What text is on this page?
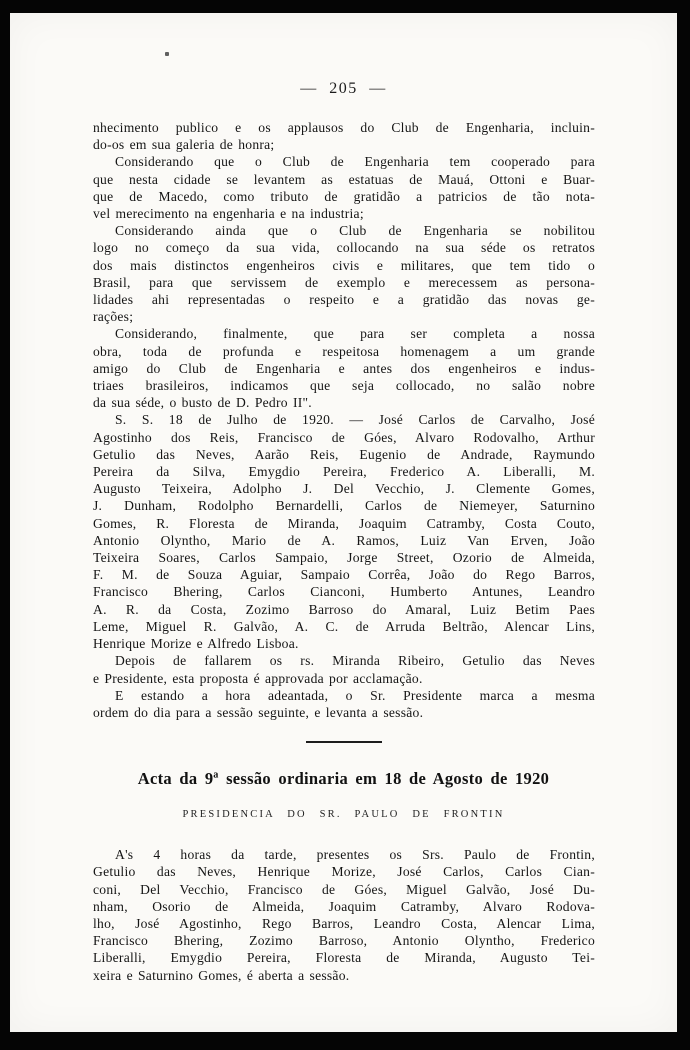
— 205 —
nhecimento publico e os applausos do Club de Engenharia, incluin-
do-os em sua galeria de honra;
Considerando que o Club de Engenharia tem cooperado para
que nesta cidade se levantem as estatuas de Mauá, Ottoni e Buar-
que de Macedo, como tributo de gratidão a patricios de tão nota-
vel merecimento na engenharia e na industria;
Considerando ainda que o Club de Engenharia se nobilitou
logo no começo da sua vida, collocando na sua séde os retratos
dos mais distinctos engenheiros civis e militares, que tem tido o
Brasil, para que servissem de exemplo e merecessem as persona-
lidades ahi representadas o respeito e a gratidão das novas ge-
rações;
Considerando, finalmente, que para ser completa a nossa
obra, toda de profunda e respeitosa homenagem a um grande
amigo do Club de Engenharia e antes dos engenheiros e indus-
triaes brasileiros, indicamos que seja collocado, no salão nobre
da sua séde, o busto de D. Pedro II".
S. S. 18 de Julho de 1920. — José Carlos de Carvalho, José
Agostinho dos Reis, Francisco de Góes, Alvaro Rodovalho, Arthur
Getulio das Neves, Aarão Reis, Eugenio de Andrade, Raymundo
Pereira da Silva, Emygdio Pereira, Frederico A. Liberalli, M.
Augusto Teixeira, Adolpho J. Del Vecchio, J. Clemente Gomes,
J. Dunham, Rodolpho Bernardelli, Carlos de Niemeyer, Saturnino
Gomes, R. Floresta de Miranda, Joaquim Catramby, Costa Couto,
Antonio Olyntho, Mario de A. Ramos, Luiz Van Erven, João
Teixeira Soares, Carlos Sampaio, Jorge Street, Ozorio de Almeida,
F. M. de Souza Aguiar, Sampaio Corrêa, João do Rego Barros,
Francisco Bhering, Carlos Cianconi, Humberto Antunes, Leandro
A. R. da Costa, Zozimo Barroso do Amaral, Luiz Betim Paes
Leme, Miguel R. Galvão, A. C. de Arruda Beltrão, Alencar Lins,
Henrique Morize e Alfredo Lisboa.
Depois de fallarem os rs. Miranda Ribeiro, Getulio das Neves
e Presidente, esta proposta é approvada por acclamação.
E estando a hora adeantada, o Sr. Presidente marca a mesma
ordem do dia para a sessão seguinte, e levanta a sessão.
Acta da 9ª sessão ordinaria em 18 de Agosto de 1920
PRESIDENCIA DO SR. PAULO DE FRONTIN
A's 4 horas da tarde, presentes os Srs. Paulo de Frontin,
Getulio das Neves, Henrique Morize, José Carlos, Carlos Cian-
coni, Del Vecchio, Francisco de Góes, Miguel Galvão, José Du-
nham, Osorio de Almeida, Joaquim Catramby, Alvaro Rodova-
lho, José Agostinho, Rego Barros, Leandro Costa, Alencar Lima,
Francisco Bhering, Zozimo Barroso, Antonio Olyntho, Frederico
Liberalli, Emygdio Pereira, Floresta de Miranda, Augusto Tei-
xeira e Saturnino Gomes, é aberta a sessão.
